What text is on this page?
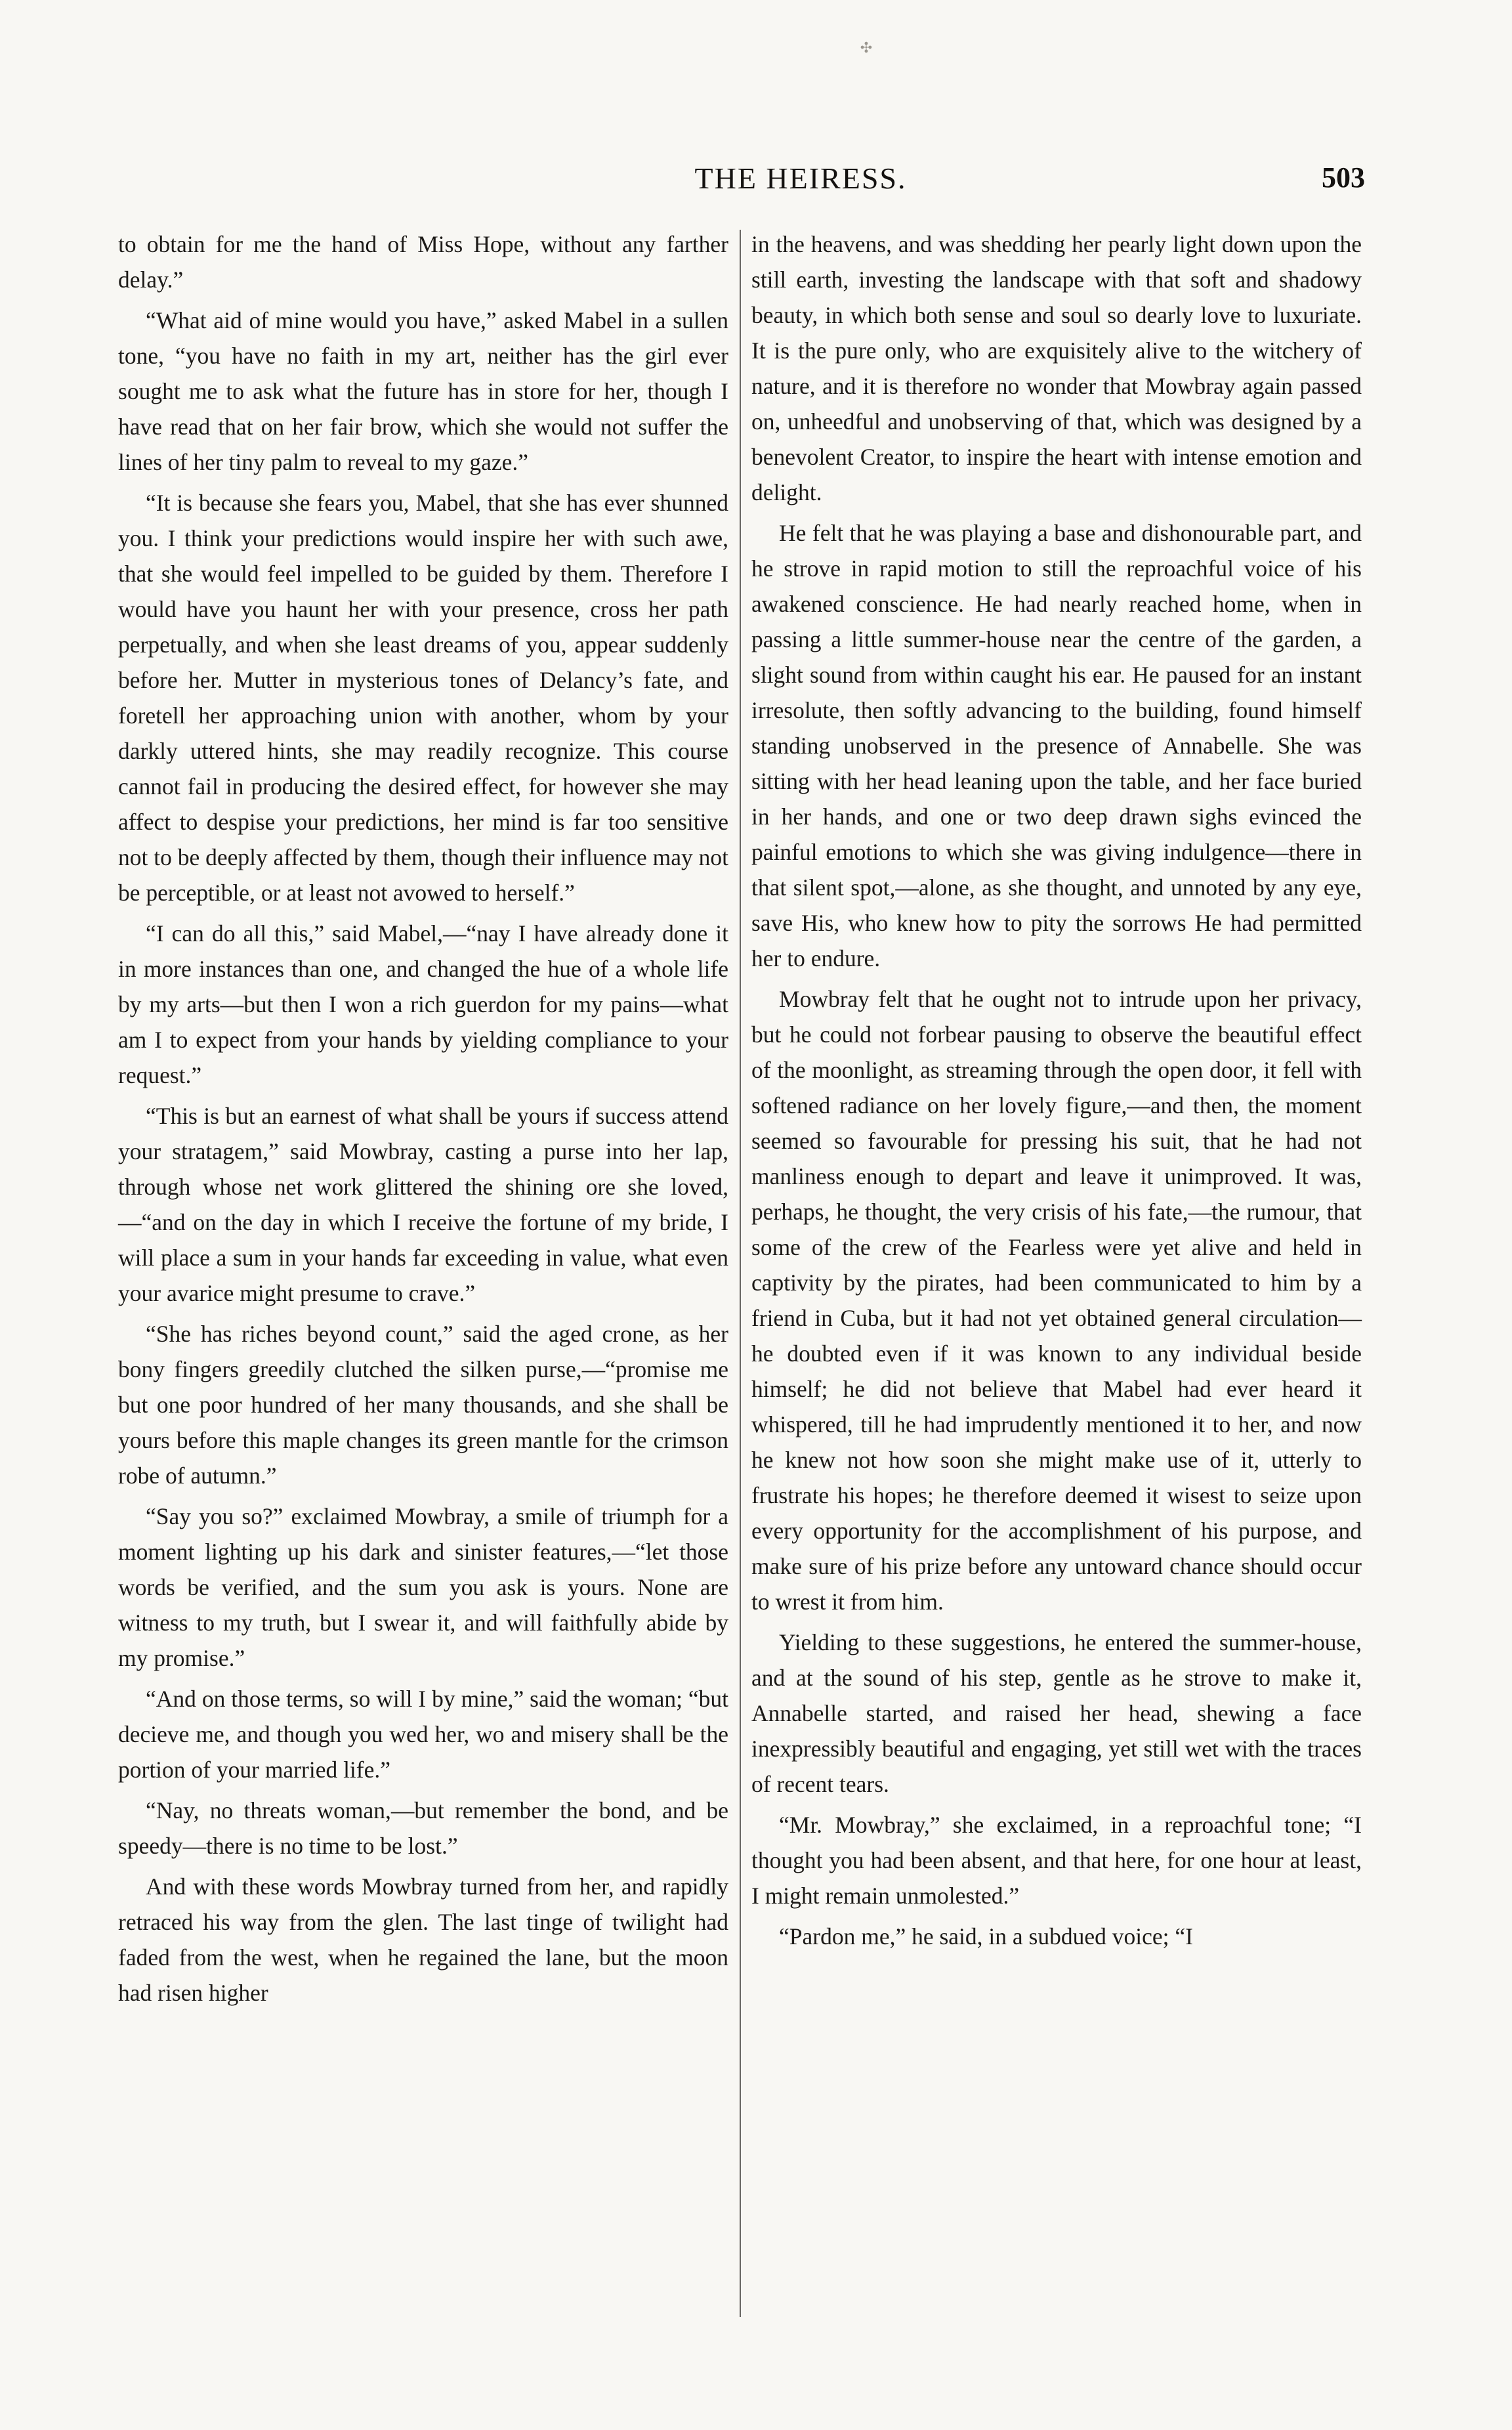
✣
THE HEIRESS.	503

to obtain for me the hand of Miss Hope, without any farther delay.”

“What aid of mine would you have,” asked Mabel in a sullen tone, “you have no faith in my art, neither has the girl ever sought me to ask what the future has in store for her, though I have read that on her fair brow, which she would not suffer the lines of her tiny palm to reveal to my gaze.”

“It is because she fears you, Mabel, that she has ever shunned you. I think your predictions would inspire her with such awe, that she would feel impelled to be guided by them. Therefore I would have you haunt her with your presence, cross her path perpetually, and when she least dreams of you, appear suddenly before her. Mutter in mysterious tones of Delancy’s fate, and foretell her approaching union with another, whom by your darkly uttered hints, she may readily recognize. This course cannot fail in producing the desired effect, for however she may affect to despise your predictions, her mind is far too sensitive not to be deeply affected by them, though their influence may not be perceptible, or at least not avowed to herself.”

“I can do all this,” said Mabel,—“nay I have already done it in more instances than one, and changed the hue of a whole life by my arts—but then I won a rich guerdon for my pains—what am I to expect from your hands by yielding compliance to your request.”

“This is but an earnest of what shall be yours if success attend your stratagem,” said Mowbray, casting a purse into her lap, through whose net work glittered the shining ore she loved,—“and on the day in which I receive the fortune of my bride, I will place a sum in your hands far exceeding in value, what even your avarice might presume to crave.”

“She has riches beyond count,” said the aged crone, as her bony fingers greedily clutched the silken purse,—“promise me but one poor hundred of her many thousands, and she shall be yours before this maple changes its green mantle for the crimson robe of autumn.”

“Say you so?” exclaimed Mowbray, a smile of triumph for a moment lighting up his dark and sinister features,—“let those words be verified, and the sum you ask is yours. None are witness to my truth, but I swear it, and will faithfully abide by my promise.”

“And on those terms, so will I by mine,” said the woman; “but decieve me, and though you wed her, wo and misery shall be the portion of your married life.”

“Nay, no threats woman,—but remember the bond, and be speedy—there is no time to be lost.”

And with these words Mowbray turned from her, and rapidly retraced his way from the glen. The last tinge of twilight had faded from the west, when he regained the lane, but the moon had risen higher

in the heavens, and was shedding her pearly light down upon the still earth, investing the landscape with that soft and shadowy beauty, in which both sense and soul so dearly love to luxuriate. It is the pure only, who are exquisitely alive to the witchery of nature, and it is therefore no wonder that Mowbray again passed on, unheedful and unobserving of that, which was designed by a benevolent Creator, to inspire the heart with intense emotion and delight.

He felt that he was playing a base and dishonourable part, and he strove in rapid motion to still the reproachful voice of his awakened conscience. He had nearly reached home, when in passing a little summer-house near the centre of the garden, a slight sound from within caught his ear. He paused for an instant irresolute, then softly advancing to the building, found himself standing unobserved in the presence of Annabelle. She was sitting with her head leaning upon the table, and her face buried in her hands, and one or two deep drawn sighs evinced the painful emotions to which she was giving indulgence—there in that silent spot,—alone, as she thought, and unnoted by any eye, save His, who knew how to pity the sorrows He had permitted her to endure.

Mowbray felt that he ought not to intrude upon her privacy, but he could not forbear pausing to observe the beautiful effect of the moonlight, as streaming through the open door, it fell with softened radiance on her lovely figure,—and then, the moment seemed so favourable for pressing his suit, that he had not manliness enough to depart and leave it unimproved. It was, perhaps, he thought, the very crisis of his fate,—the rumour, that some of the crew of the Fearless were yet alive and held in captivity by the pirates, had been communicated to him by a friend in Cuba, but it had not yet obtained general circulation—he doubted even if it was known to any individual beside himself; he did not believe that Mabel had ever heard it whispered, till he had imprudently mentioned it to her, and now he knew not how soon she might make use of it, utterly to frustrate his hopes; he therefore deemed it wisest to seize upon every opportunity for the accomplishment of his purpose, and make sure of his prize before any untoward chance should occur to wrest it from him.

Yielding to these suggestions, he entered the summer-house, and at the sound of his step, gentle as he strove to make it, Annabelle started, and raised her head, shewing a face inexpressibly beautiful and engaging, yet still wet with the traces of recent tears.

“Mr. Mowbray,” she exclaimed, in a reproachful tone; “I thought you had been absent, and that here, for one hour at least, I might remain unmolested.”

“Pardon me,” he said, in a subdued voice; “I
